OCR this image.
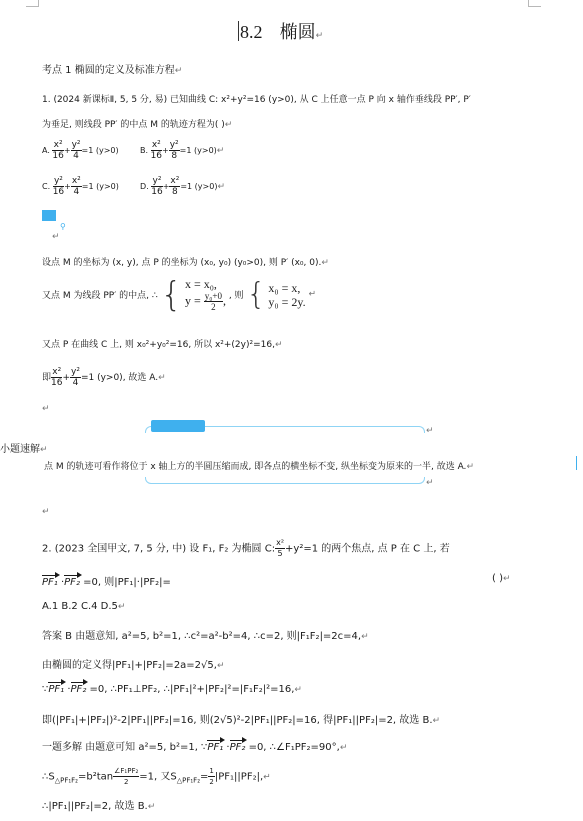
8.2 椭圆↵
考点 1 椭圆的定义及标准方程↵
1. (2024 新课标Ⅱ, 5, 5 分, 易) 已知曲线 C: x²+y²=16 (y>0), 从 C 上任意一点 P 向 x 轴作垂线段 PP′, P′
为垂足, 则线段 PP′ 的中点 M 的轨迹方程为( )↵
A. $\frac{\text{x²}}{16} + \frac{\text{y²}}{4} =1$ (y>0)	B. $\frac{\text{x²}}{16} + \frac{\text{y²}}{8} =1$ (y>0)↵
C. $\frac{\text{y²}}{16} + \frac{\text{x²}}{4} =1$ (y>0)	D. $\frac{\text{y²}}{16} + \frac{\text{x²}}{8} =1$ (y>0)↵
⚲
↵
设点 M 的坐标为 (x, y), 点 P 的坐标为 (x₀, y₀) (y₀>0), 则 P′ (x₀, 0).↵
又点 M 为线段 PP′ 的中点, ∴ { x = x₀,
$y = \frac{\text{y₀+0}}{2}$ , , 则 { x₀ = x,
y₀ = 2y. ↵
又点 P 在曲线 C 上, 则 x₀²+y₀²=16, 所以 x²+(2y)²=16,↵
即 $\frac{\text{x²}}{16} + \frac{\text{y²}}{4} =1$ (y>0), 故选 A.↵
↵
↵
小题速解↵
点 M 的轨迹可看作将位于 x 轴上方的半圆压缩而成, 即各点的横坐标不变, 纵坐标变为原来的一半, 故选 A.↵
↵
↵
2. (2023 全国甲文, 7, 5 分, 中) 设 F₁, F₂ 为椭圆 C: $\frac{\text{x²}}{5} +y^2=1$ 的两个焦点, 点 P 在 C 上, 若
PF₁ ·PF₂ =0, 则|PF₁|·|PF₂|=	( )↵
A.1 B.2 C.4 D.5↵
答案 B 由题意知, a²=5, b²=1, ∴c²=a²-b²=4, ∴c=2, 则|F₁F₂|=2c=4,↵
由椭圆的定义得|PF₁|+|PF₂|=2a=2√5,↵
∵PF₁ ·PF₂ =0, ∴PF₁⊥PF₂, ∴|PF₁|²+|PF₂|²=|F₁F₂|²=16,↵
即(|PF₁|+|PF₂|)²-2|PF₁||PF₂|=16, 则(2√5)²-2|PF₁||PF₂|=16, 得|PF₁||PF₂|=2, 故选 B.↵
一题多解 由题意可知 a²=5, b²=1, ∵PF₁ ·PF₂ =0, ∴∠F₁PF₂=90°,↵
$\therefore S_{\triangle PF_1F_2}=b^2\tan \frac{\text{∠F₁PF₂}}{2} =1$, 又$S_{\triangle PF_1F_2}= \frac{1}{2}$ |PF₁||PF₂|,↵
∴|PF₁||PF₂|=2, 故选 B.↵
